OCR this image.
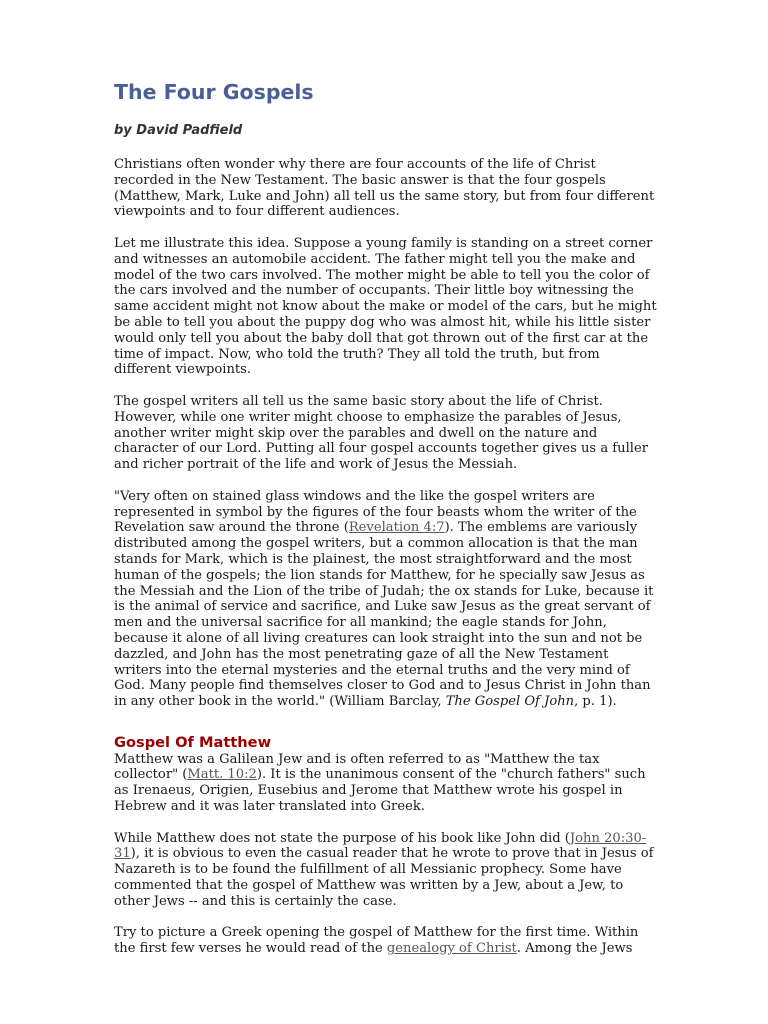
The Four Gospels
by David Padfield

Christians often wonder why there are four accounts of the life of Christ recorded in the New Testament. The basic answer is that the four gospels (Matthew, Mark, Luke and John) all tell us the same story, but from four different viewpoints and to four different audiences.

Let me illustrate this idea. Suppose a young family is standing on a street corner and witnesses an automobile accident. The father might tell you the make and model of the two cars involved. The mother might be able to tell you the color of the cars involved and the number of occupants. Their little boy witnessing the same accident might not know about the make or model of the cars, but he might be able to tell you about the puppy dog who was almost hit, while his little sister would only tell you about the baby doll that got thrown out of the first car at the time of impact. Now, who told the truth? They all told the truth, but from different viewpoints.

The gospel writers all tell us the same basic story about the life of Christ. However, while one writer might choose to emphasize the parables of Jesus, another writer might skip over the parables and dwell on the nature and character of our Lord. Putting all four gospel accounts together gives us a fuller and richer portrait of the life and work of Jesus the Messiah.

"Very often on stained glass windows and the like the gospel writers are represented in symbol by the figures of the four beasts whom the writer of the Revelation saw around the throne (Revelation 4:7). The emblems are variously distributed among the gospel writers, but a common allocation is that the man stands for Mark, which is the plainest, the most straightforward and the most human of the gospels; the lion stands for Matthew, for he specially saw Jesus as the Messiah and the Lion of the tribe of Judah; the ox stands for Luke, because it is the animal of service and sacrifice, and Luke saw Jesus as the great servant of men and the universal sacrifice for all mankind; the eagle stands for John, because it alone of all living creatures can look straight into the sun and not be dazzled, and John has the most penetrating gaze of all the New Testament writers into the eternal mysteries and the eternal truths and the very mind of God. Many people find themselves closer to God and to Jesus Christ in John than in any other book in the world." (William Barclay, The Gospel Of John, p. 1).

Gospel Of Matthew

Matthew was a Galilean Jew and is often referred to as "Matthew the tax collector" (Matt. 10:2). It is the unanimous consent of the "church fathers" such as Irenaeus, Origien, Eusebius and Jerome that Matthew wrote his gospel in Hebrew and it was later translated into Greek.

While Matthew does not state the purpose of his book like John did (John 20:30-31), it is obvious to even the casual reader that he wrote to prove that in Jesus of Nazareth is to be found the fulfillment of all Messianic prophecy. Some have commented that the gospel of Matthew was written by a Jew, about a Jew, to other Jews -- and this is certainly the case.

Try to picture a Greek opening the gospel of Matthew for the first time. Within the first few verses he would read of the genealogy of Christ. Among the Jews
